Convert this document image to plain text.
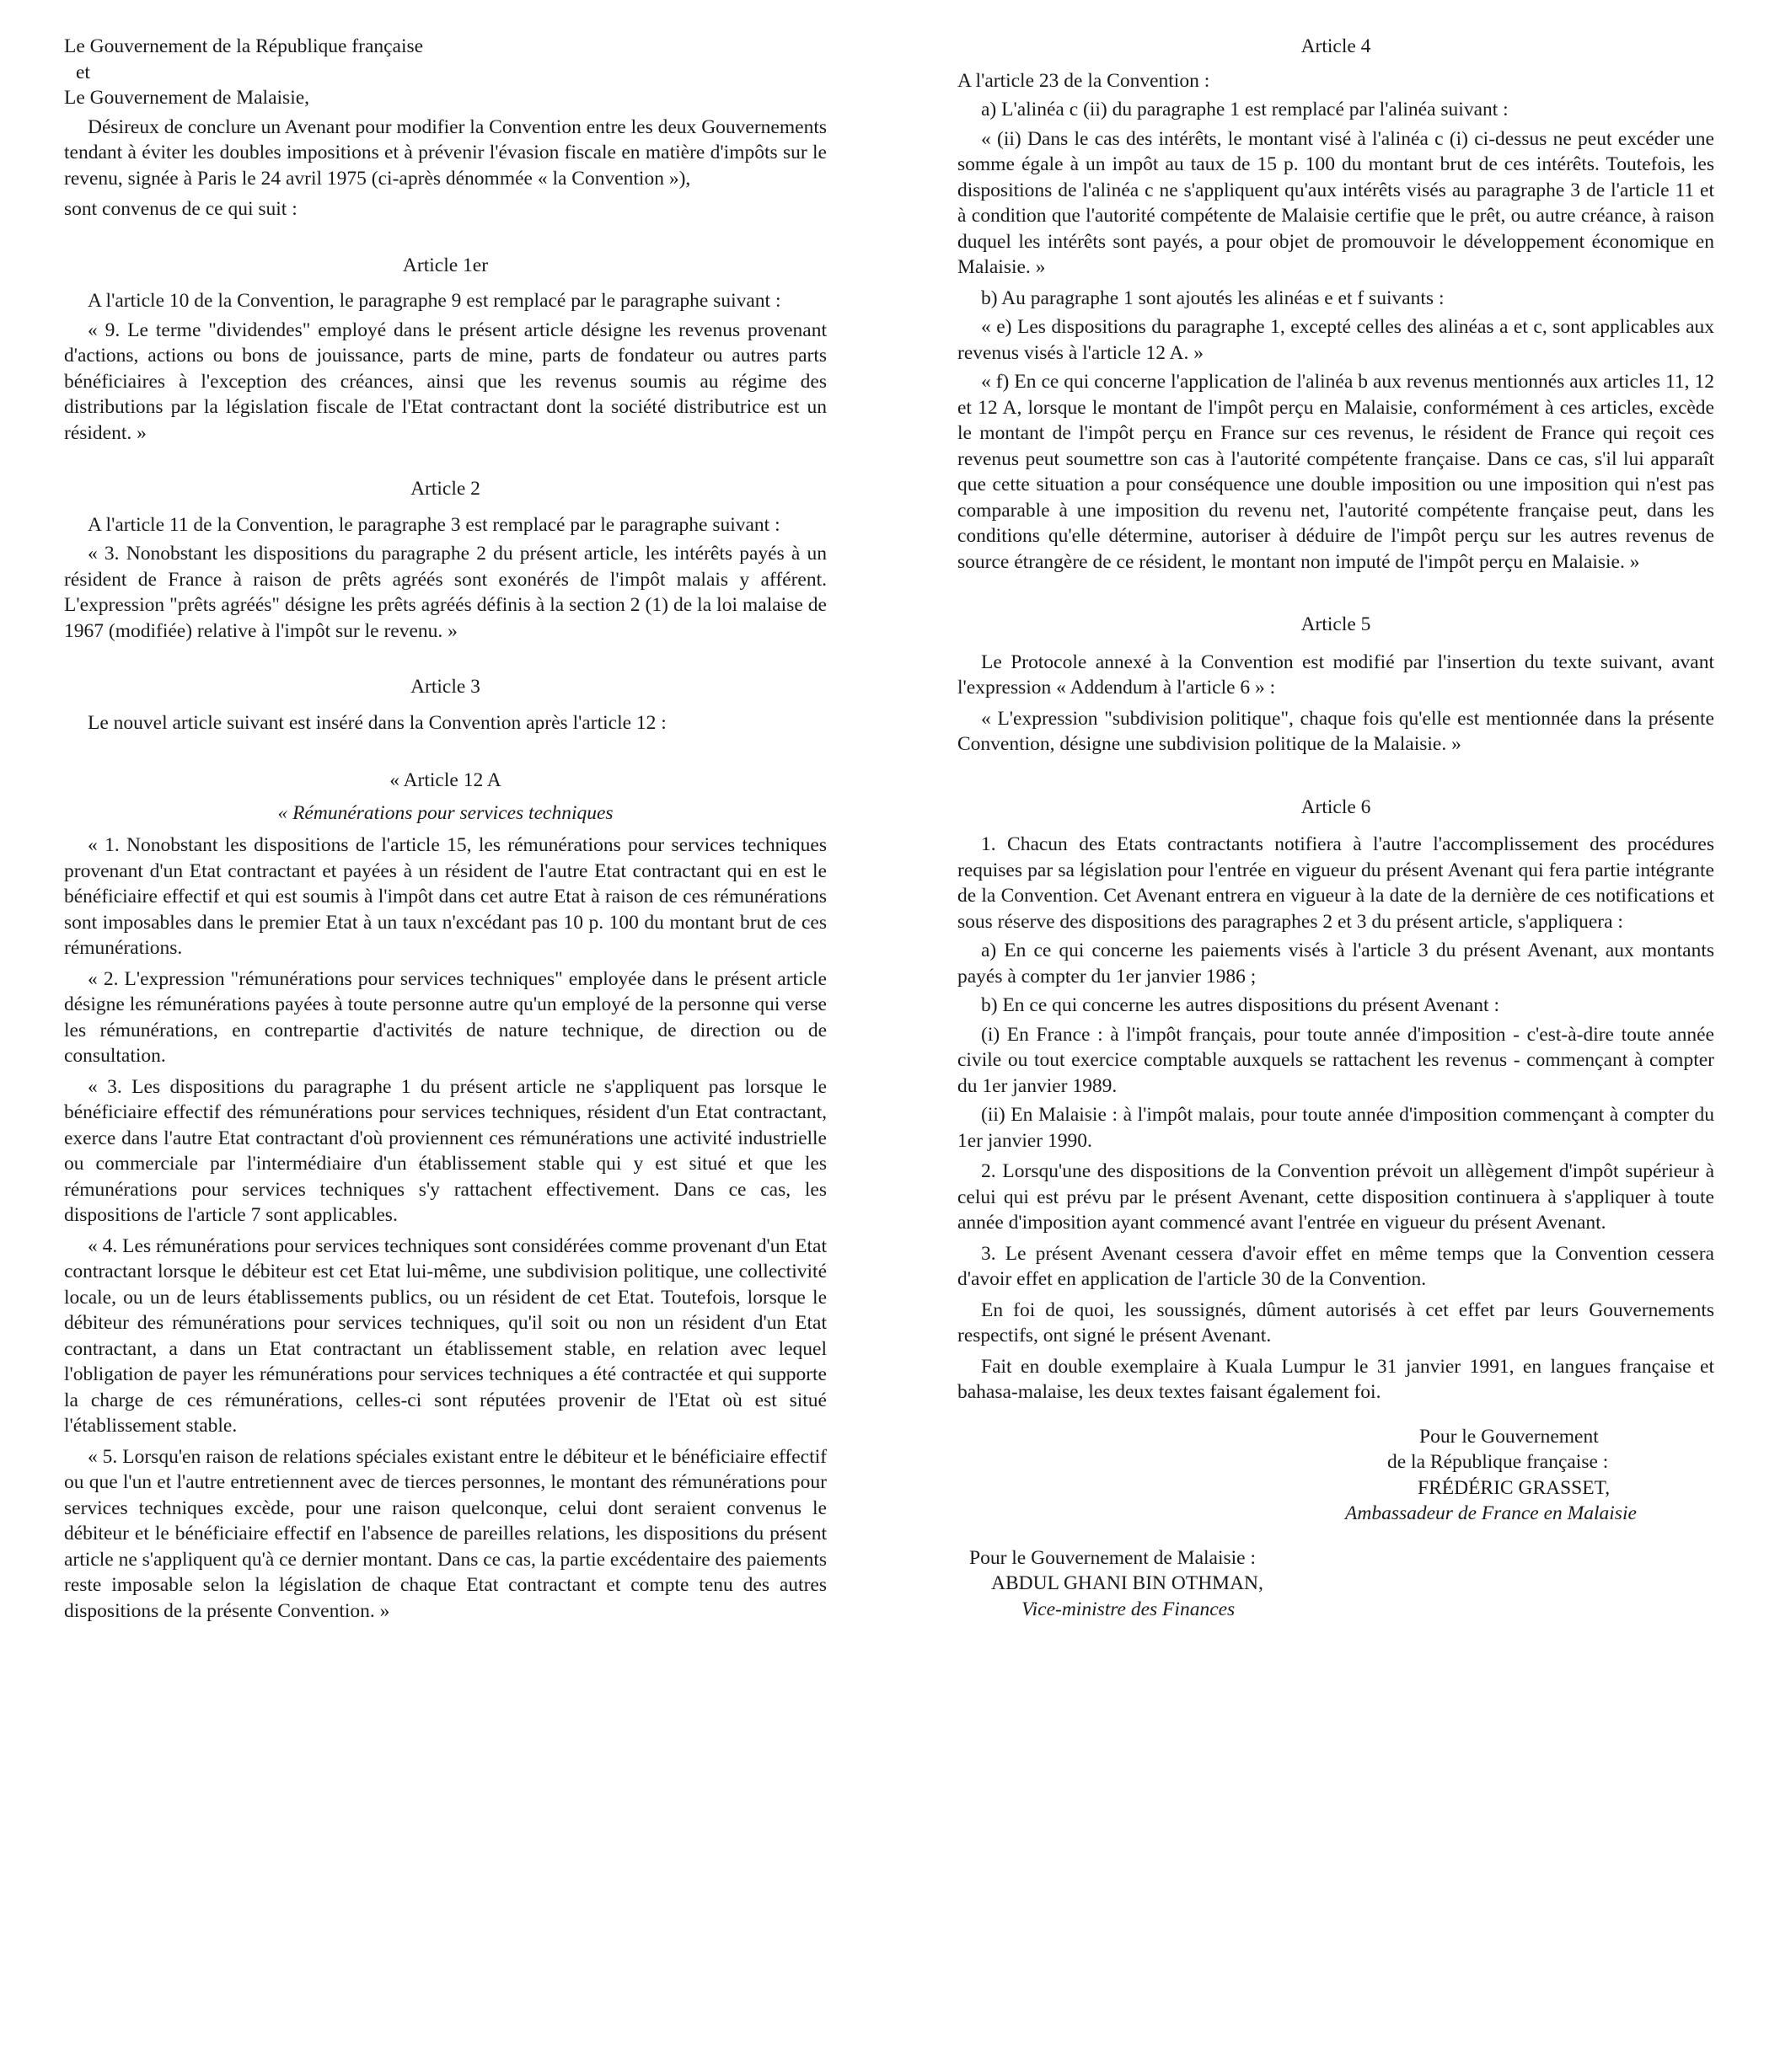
Le Gouvernement de la République française

et

Le Gouvernement de Malaisie,

Désireux de conclure un Avenant pour modifier la Convention entre les deux Gouvernements tendant à éviter les doubles impositions et à prévenir l'évasion fiscale en matière d'impôts sur le revenu, signée à Paris le 24 avril 1975 (ci-après dénommée « la Convention »),

sont convenus de ce qui suit :

Article 1er

A l'article 10 de la Convention, le paragraphe 9 est remplacé par le paragraphe suivant :

« 9. Le terme "dividendes" employé dans le présent article désigne les revenus provenant d'actions, actions ou bons de jouissance, parts de mine, parts de fondateur ou autres parts bénéficiaires à l'exception des créances, ainsi que les revenus soumis au régime des distributions par la législation fiscale de l'Etat contractant dont la société distributrice est un résident. »

Article 2

A l'article 11 de la Convention, le paragraphe 3 est remplacé par le paragraphe suivant :

« 3. Nonobstant les dispositions du paragraphe 2 du présent article, les intérêts payés à un résident de France à raison de prêts agréés sont exonérés de l'impôt malais y afférent. L'expression "prêts agréés" désigne les prêts agréés définis à la section 2 (1) de la loi malaise de 1967 (modifiée) relative à l'impôt sur le revenu. »

Article 3

Le nouvel article suivant est inséré dans la Convention après l'article 12 :

« Article 12 A

« Rémunérations pour services techniques

« 1. Nonobstant les dispositions de l'article 15, les rémunérations pour services techniques provenant d'un Etat contractant et payées à un résident de l'autre Etat contractant qui en est le bénéficiaire effectif et qui est soumis à l'impôt dans cet autre Etat à raison de ces rémunérations sont imposables dans le premier Etat à un taux n'excédant pas 10 p. 100 du montant brut de ces rémunérations.

« 2. L'expression "rémunérations pour services techniques" employée dans le présent article désigne les rémunérations payées à toute personne autre qu'un employé de la personne qui verse les rémunérations, en contrepartie d'activités de nature technique, de direction ou de consultation.

« 3. Les dispositions du paragraphe 1 du présent article ne s'appliquent pas lorsque le bénéficiaire effectif des rémunérations pour services techniques, résident d'un Etat contractant, exerce dans l'autre Etat contractant d'où proviennent ces rémunérations une activité industrielle ou commerciale par l'intermédiaire d'un établissement stable qui y est situé et que les rémunérations pour services techniques s'y rattachent effectivement. Dans ce cas, les dispositions de l'article 7 sont applicables.

« 4. Les rémunérations pour services techniques sont considérées comme provenant d'un Etat contractant lorsque le débiteur est cet Etat lui-même, une subdivision politique, une collectivité locale, ou un de leurs établissements publics, ou un résident de cet Etat. Toutefois, lorsque le débiteur des rémunérations pour services techniques, qu'il soit ou non un résident d'un Etat contractant, a dans un Etat contractant un établissement stable, en relation avec lequel l'obligation de payer les rémunérations pour services techniques a été contractée et qui supporte la charge de ces rémunérations, celles-ci sont réputées provenir de l'Etat où est situé l'établissement stable.

« 5. Lorsqu'en raison de relations spéciales existant entre le débiteur et le bénéficiaire effectif ou que l'un et l'autre entretiennent avec de tierces personnes, le montant des rémunérations pour services techniques excède, pour une raison quelconque, celui dont seraient convenus le débiteur et le bénéficiaire effectif en l'absence de pareilles relations, les dispositions du présent article ne s'appliquent qu'à ce dernier montant. Dans ce cas, la partie excédentaire des paiements reste imposable selon la législation de chaque Etat contractant et compte tenu des autres dispositions de la présente Convention. »

Article 4

A l'article 23 de la Convention :

a) L'alinéa c (ii) du paragraphe 1 est remplacé par l'alinéa suivant :

« (ii) Dans le cas des intérêts, le montant visé à l'alinéa c (i) ci-dessus ne peut excéder une somme égale à un impôt au taux de 15 p. 100 du montant brut de ces intérêts. Toutefois, les dispositions de l'alinéa c ne s'appliquent qu'aux intérêts visés au paragraphe 3 de l'article 11 et à condition que l'autorité compétente de Malaisie certifie que le prêt, ou autre créance, à raison duquel les intérêts sont payés, a pour objet de promouvoir le développement économique en Malaisie. »

b) Au paragraphe 1 sont ajoutés les alinéas e et f suivants :

« e) Les dispositions du paragraphe 1, excepté celles des alinéas a et c, sont applicables aux revenus visés à l'article 12 A. »

« f) En ce qui concerne l'application de l'alinéa b aux revenus mentionnés aux articles 11, 12 et 12 A, lorsque le montant de l'impôt perçu en Malaisie, conformément à ces articles, excède le montant de l'impôt perçu en France sur ces revenus, le résident de France qui reçoit ces revenus peut soumettre son cas à l'autorité compétente française. Dans ce cas, s'il lui apparaît que cette situation a pour conséquence une double imposition ou une imposition qui n'est pas comparable à une imposition du revenu net, l'autorité compétente française peut, dans les conditions qu'elle détermine, autoriser à déduire de l'impôt perçu sur les autres revenus de source étrangère de ce résident, le montant non imputé de l'impôt perçu en Malaisie. »

Article 5

Le Protocole annexé à la Convention est modifié par l'insertion du texte suivant, avant l'expression « Addendum à l'article 6 » :

« L'expression "subdivision politique", chaque fois qu'elle est mentionnée dans la présente Convention, désigne une subdivision politique de la Malaisie. »

Article 6

1. Chacun des Etats contractants notifiera à l'autre l'accomplissement des procédures requises par sa législation pour l'entrée en vigueur du présent Avenant qui fera partie intégrante de la Convention. Cet Avenant entrera en vigueur à la date de la dernière de ces notifications et sous réserve des dispositions des paragraphes 2 et 3 du présent article, s'appliquera :

a) En ce qui concerne les paiements visés à l'article 3 du présent Avenant, aux montants payés à compter du 1er janvier 1986 ;

b) En ce qui concerne les autres dispositions du présent Avenant :

(i) En France : à l'impôt français, pour toute année d'imposition - c'est-à-dire toute année civile ou tout exercice comptable auxquels se rattachent les revenus - commençant à compter du 1er janvier 1989.

(ii) En Malaisie : à l'impôt malais, pour toute année d'imposition commençant à compter du 1er janvier 1990.

2. Lorsqu'une des dispositions de la Convention prévoit un allègement d'impôt supérieur à celui qui est prévu par le présent Avenant, cette disposition continuera à s'appliquer à toute année d'imposition ayant commencé avant l'entrée en vigueur du présent Avenant.

3. Le présent Avenant cessera d'avoir effet en même temps que la Convention cessera d'avoir effet en application de l'article 30 de la Convention.

En foi de quoi, les soussignés, dûment autorisés à cet effet par leurs Gouvernements respectifs, ont signé le présent Avenant.

Fait en double exemplaire à Kuala Lumpur le 31 janvier 1991, en langues française et bahasa-malaise, les deux textes faisant également foi.

Pour le Gouvernement

de la République française :

FRÉDÉRIC GRASSET,

Ambassadeur de France en Malaisie

Pour le Gouvernement de Malaisie :

ABDUL GHANI BIN OTHMAN,

Vice-ministre des Finances
